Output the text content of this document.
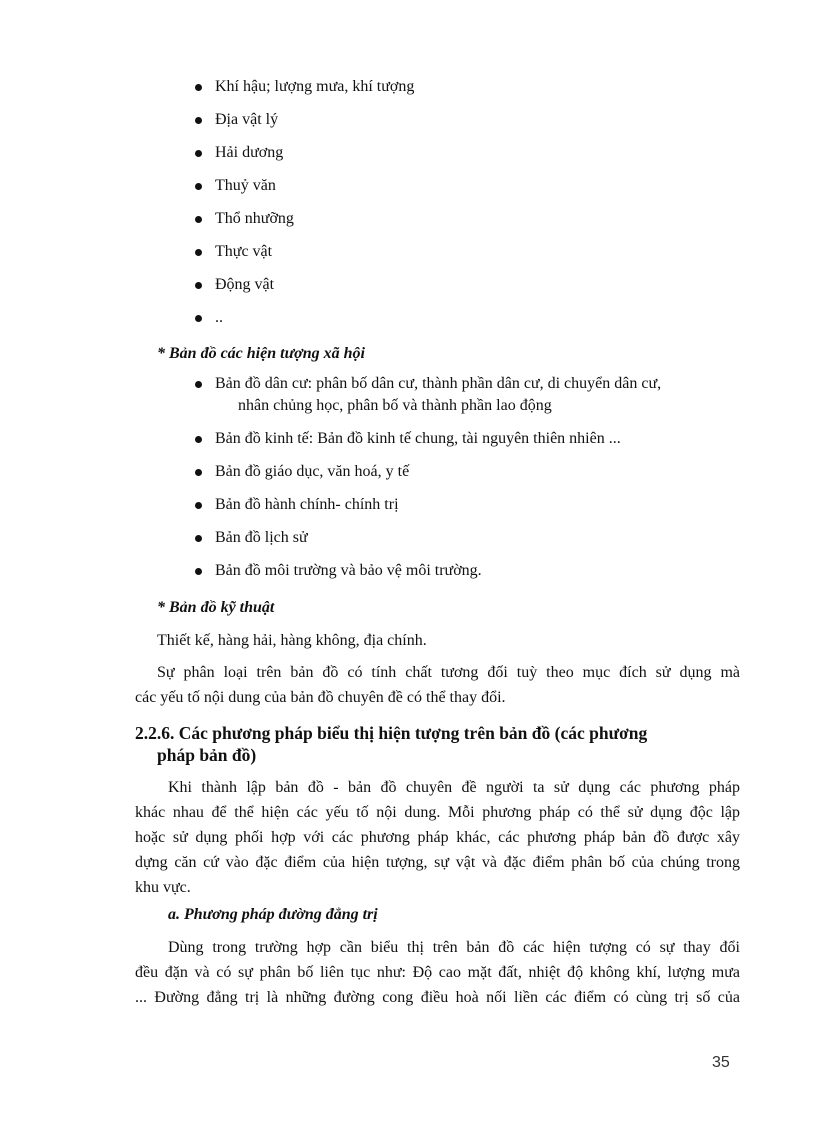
Khí hậu; lượng mưa, khí tượng
Địa vật lý
Hải dương
Thuỷ văn
Thổ nhưỡng
Thực vật
Động vật
..
* Bản đồ các hiện tượng xã hội
Bản đồ dân cư: phân bố dân cư, thành phần dân cư, di chuyển dân cư,
nhân chủng học, phân bố và thành phần lao động
Bản đồ kinh tế: Bản đồ kinh tế chung, tài nguyên thiên nhiên ...
Bản đồ giáo dục, văn hoá, y tế
Bản đồ hành chính- chính trị
Bản đồ lịch sử
Bản đồ môi trường và bảo vệ môi trường.
* Bản đồ kỹ thuật
Thiết kế, hàng hải, hàng không, địa chính.
Sự phân loại trên bản đồ có tính chất tương đối tuỳ theo mục đích sử dụng mà
các yếu tố nội dung của bản đồ chuyên đề có thể thay đổi.
2.2.6. Các phương pháp biểu thị hiện tượng trên bản đồ (các phương
pháp bản đồ)
Khi thành lập bản đồ - bản đồ chuyên đề người ta sử dụng các phương pháp
khác nhau để thể hiện các yếu tố nội dung. Mỗi phương pháp có thể sử dụng độc lập
hoặc sử dụng phối hợp với các phương pháp khác, các phương pháp bản đồ được xây
dựng căn cứ vào đặc điểm của hiện tượng, sự vật và đặc điểm phân bố của chúng trong
khu vực.
a. Phương pháp đường đẳng trị
Dùng trong trường hợp cần biểu thị trên bản đồ các hiện tượng có sự thay đổi
đều đặn và có sự phân bố liên tục như: Độ cao mặt đất, nhiệt độ không khí, lượng mưa
... Đường đẳng trị là những đường cong điều hoà nối liền các điểm có cùng trị số của
35
